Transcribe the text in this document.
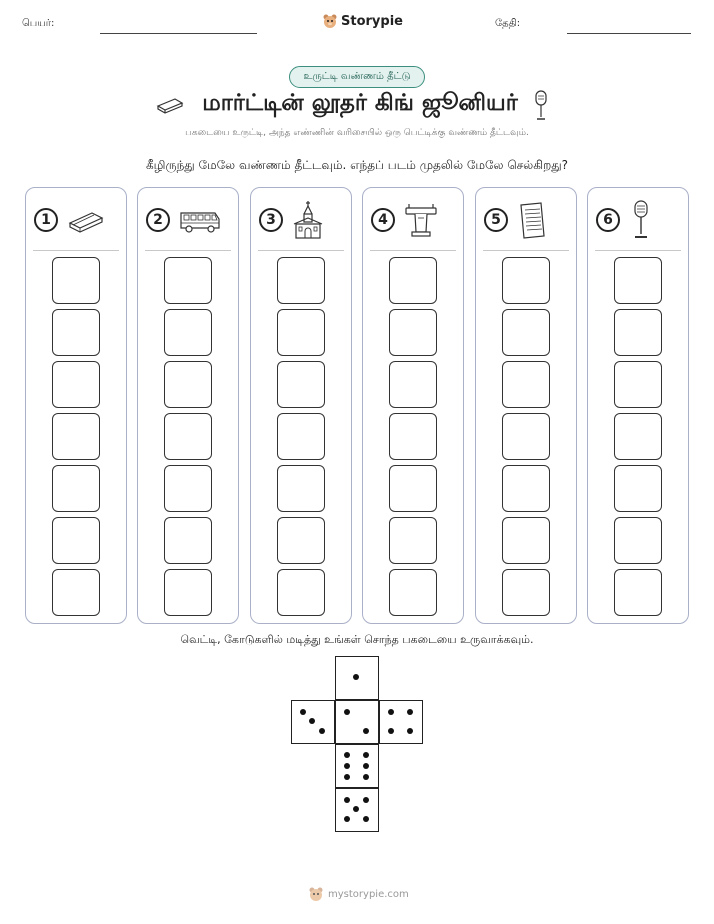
பெயர்:	Storypie	தேதி:
உருட்டி வண்ணம் தீட்டு
மார்ட்டின் லூதர் கிங் ஜூனியர்
பகடையை உருட்டி, அந்த எண்ணின் வரிசையில் ஒரு பெட்டிக்கு வண்ணம் தீட்டவும்.
கீழிருந்து மேலே வண்ணம் தீட்டவும். எந்தப் படம் முதலில் மேலே செல்கிறது?
1	2	3	4	5	6
வெட்டி, கோடுகளில் மடித்து உங்கள் சொந்த பகடையை உருவாக்கவும்.
mystorypie.com
